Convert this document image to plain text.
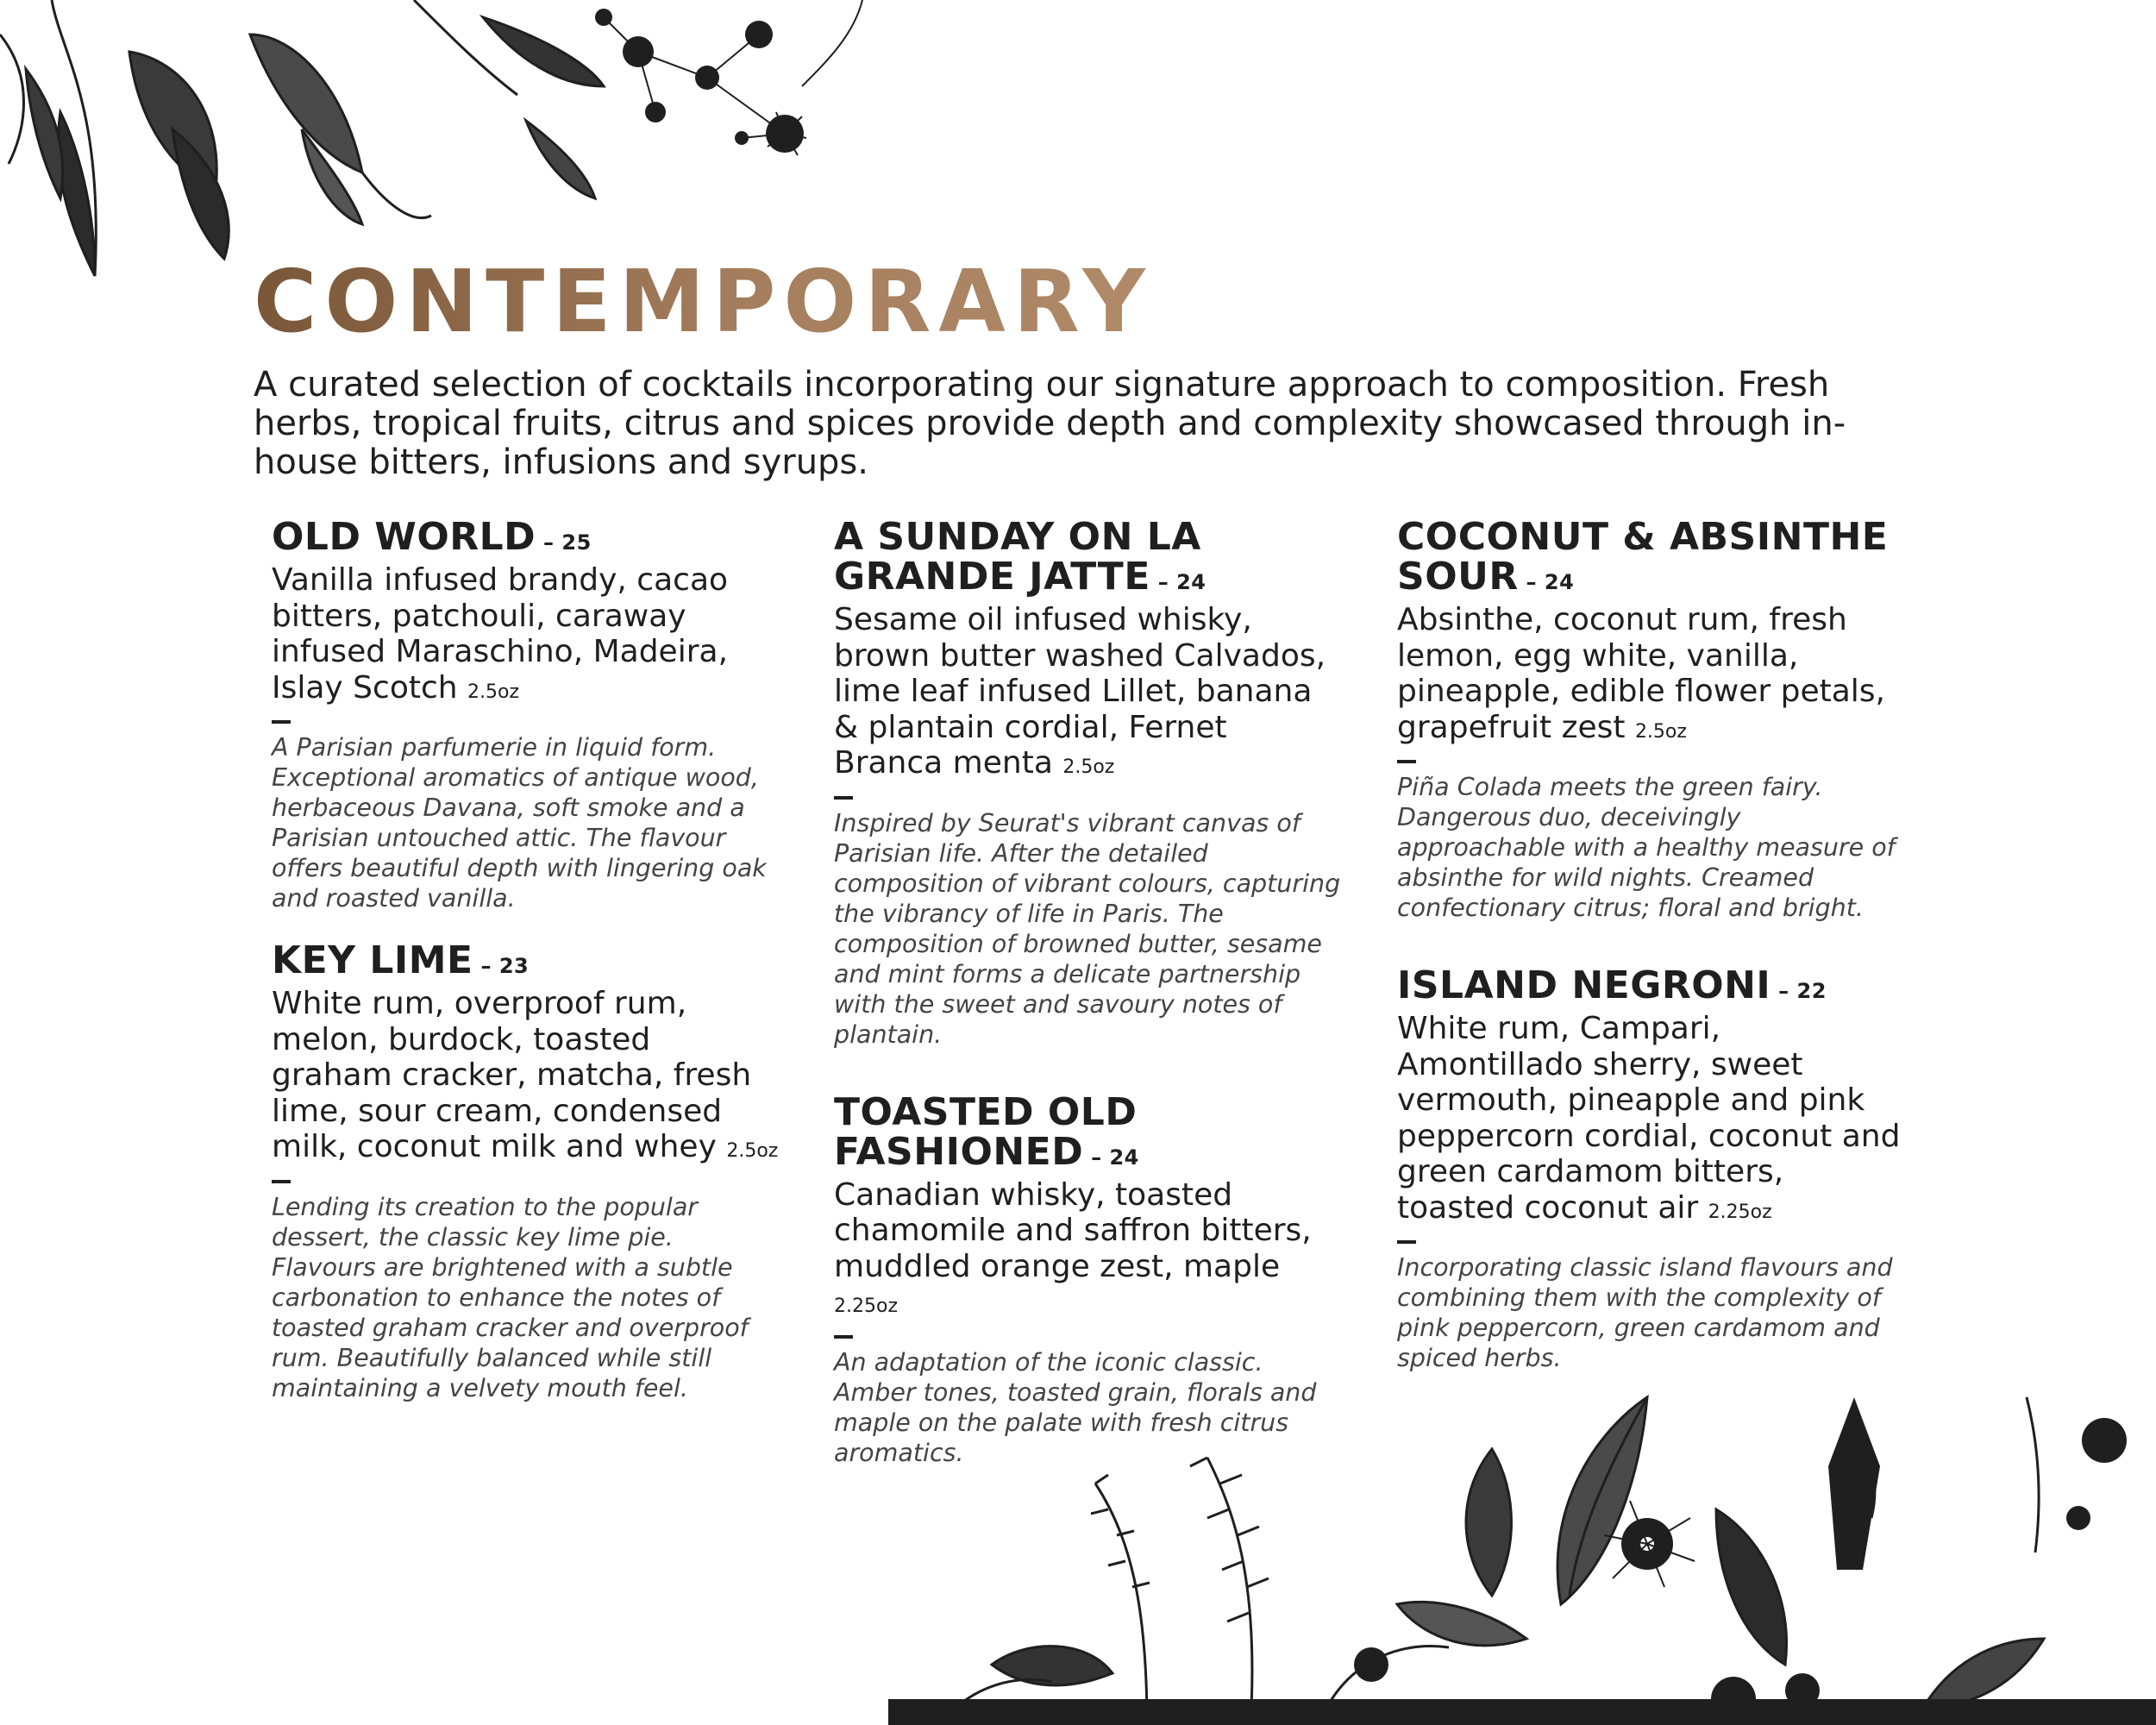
CONTEMPORARY

A curated selection of cocktails incorporating our signature approach to composition. Fresh herbs, tropical fruits, citrus and spices provide depth and complexity showcased through in-house bitters, infusions and syrups.

OLD WORLD – 25

Vanilla infused brandy, cacao bitters, patchouli, caraway infused Maraschino, Madeira, Islay Scotch 2.5oz

A Parisian parfumerie in liquid form. Exceptional aromatics of antique wood, herbaceous Davana, soft smoke and a Parisian untouched attic. The flavour offers beautiful depth with lingering oak and roasted vanilla.

KEY LIME – 23

White rum, overproof rum, melon, burdock, toasted graham cracker, matcha, fresh lime, sour cream, condensed milk, coconut milk and whey 2.5oz

Lending its creation to the popular dessert, the classic key lime pie. Flavours are brightened with a subtle carbonation to enhance the notes of toasted graham cracker and overproof rum. Beautifully balanced while still maintaining a velvety mouth feel.

A SUNDAY ON LA GRANDE JATTE – 24

Sesame oil infused whisky, brown butter washed Calvados, lime leaf infused Lillet, banana & plantain cordial, Fernet Branca menta 2.5oz

Inspired by Seurat's vibrant canvas of Parisian life. After the detailed composition of vibrant colours, capturing the vibrancy of life in Paris. The composition of browned butter, sesame and mint forms a delicate partnership with the sweet and savoury notes of plantain.

TOASTED OLD FASHIONED – 24

Canadian whisky, toasted chamomile and saffron bitters, muddled orange zest, maple 2.25oz

An adaptation of the iconic classic. Amber tones, toasted grain, florals and maple on the palate with fresh citrus aromatics.

COCONUT & ABSINTHE SOUR – 24

Absinthe, coconut rum, fresh lemon, egg white, vanilla, pineapple, edible flower petals, grapefruit zest 2.5oz

Piña Colada meets the green fairy. Dangerous duo, deceivingly approachable with a healthy measure of absinthe for wild nights. Creamed confectionary citrus; floral and bright.

ISLAND NEGRONI – 22

White rum, Campari, Amontillado sherry, sweet vermouth, pineapple and pink peppercorn cordial, coconut and green cardamom bitters, toasted coconut air 2.25oz

Incorporating classic island flavours and combining them with the complexity of pink peppercorn, green cardamom and spiced herbs.
